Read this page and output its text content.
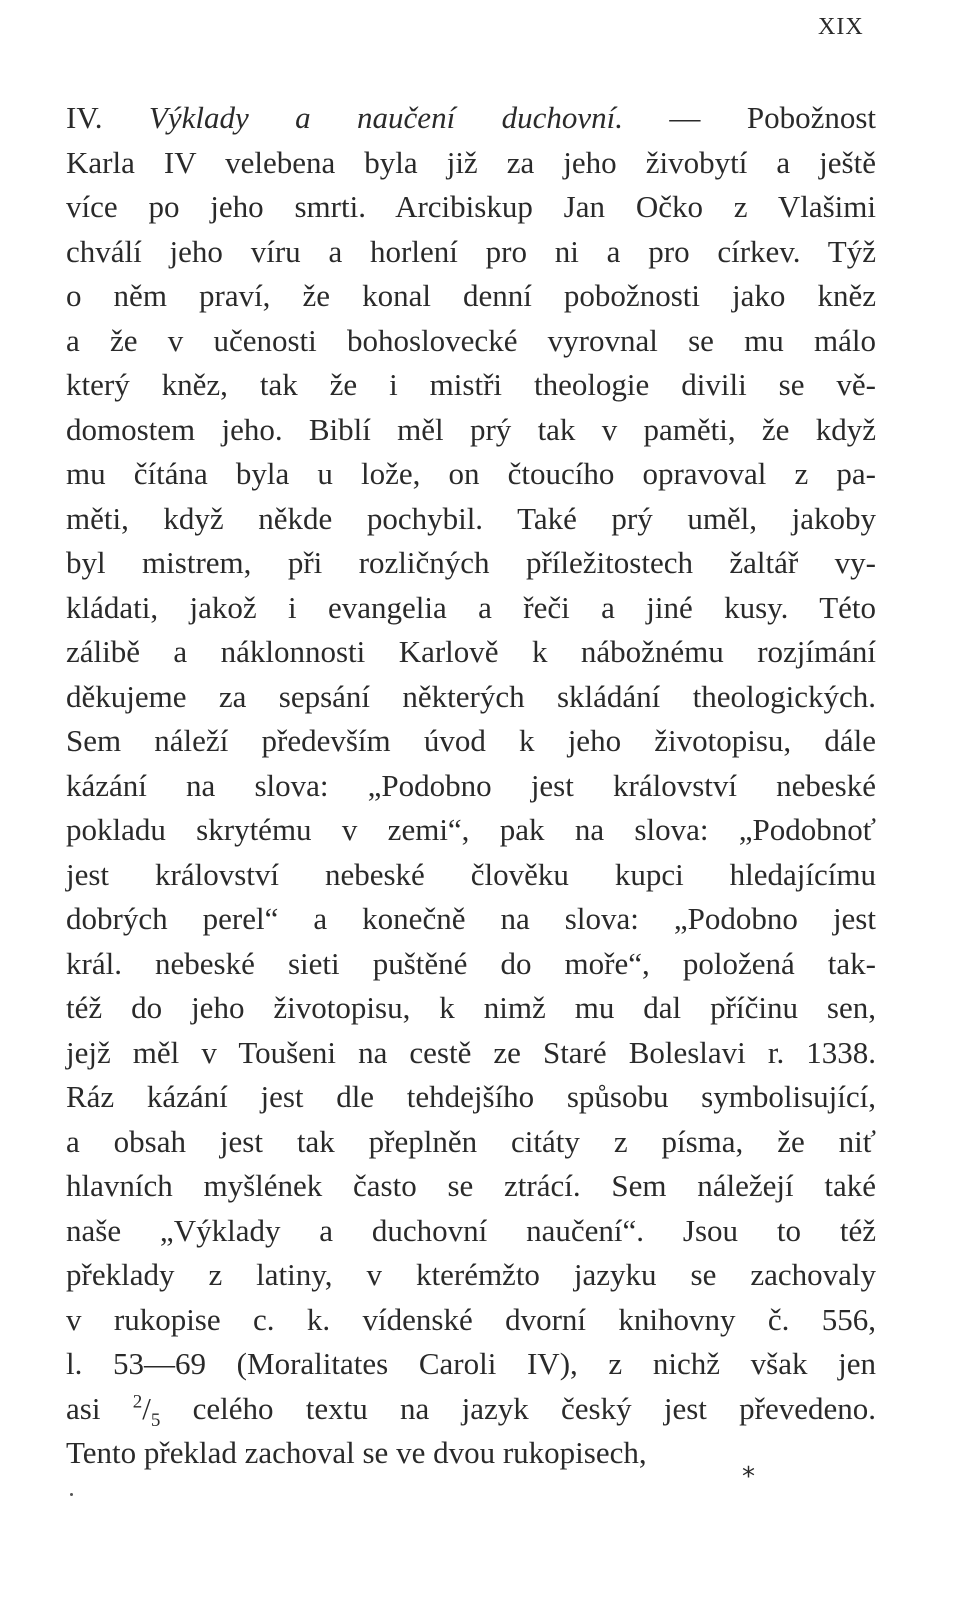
XIX
IV. Výklady a naučení duchovní. — Pobožnost
Karla IV velebena byla již za jeho živobytí a ještě
více po jeho smrti. Arcibiskup Jan Očko z Vlašimi
chválí jeho víru a horlení pro ni a pro církev. Týž
o něm praví, že konal denní pobožnosti jako kněz
a že v učenosti bohoslovecké vyrovnal se mu málo
který kněz, tak že i mistři theologie divili se vě-
domostem jeho. Biblí měl prý tak v paměti, že když
mu čítána byla u lože, on čtoucího opravoval z pa-
měti, když někde pochybil. Také prý uměl, jakoby
byl mistrem, při rozličných příležitostech žaltář vy-
kládati, jakož i evangelia a řeči a jiné kusy. Této
zálibě a náklonnosti Karlově k nábožnému rozjímání
děkujeme za sepsání některých skládání theologických.
Sem náleží především úvod k jeho životopisu, dále
kázání na slova: „Podobno jest království nebeské
pokladu skrytému v zemi“, pak na slova: „Podobnoť
jest království nebeské člověku kupci hledajícímu
dobrých perel“ a konečně na slova: „Podobno jest
král. nebeské sieti puštěné do moře“, položená tak-
též do jeho životopisu, k nimž mu dal příčinu sen,
jejž měl v Toušeni na cestě ze Staré Boleslavi r. 1338.
Ráz kázání jest dle tehdejšího spůsobu symbolisující,
a obsah jest tak přeplněn citáty z písma, že niť
hlavních myšlének často se ztrácí. Sem náležejí také
naše „Výklady a duchovní naučení“. Jsou to též
překlady z latiny, v kterémžto jazyku se zachovaly
v rukopise c. k. vídenské dvorní knihovny č. 556,
l. 53—69 (Moralitates Caroli IV), z nichž však jen
asi $^2/_5$ celého textu na jazyk český jest převedeno.
Tento překlad zachoval se ve dvou rukopisech,
*
